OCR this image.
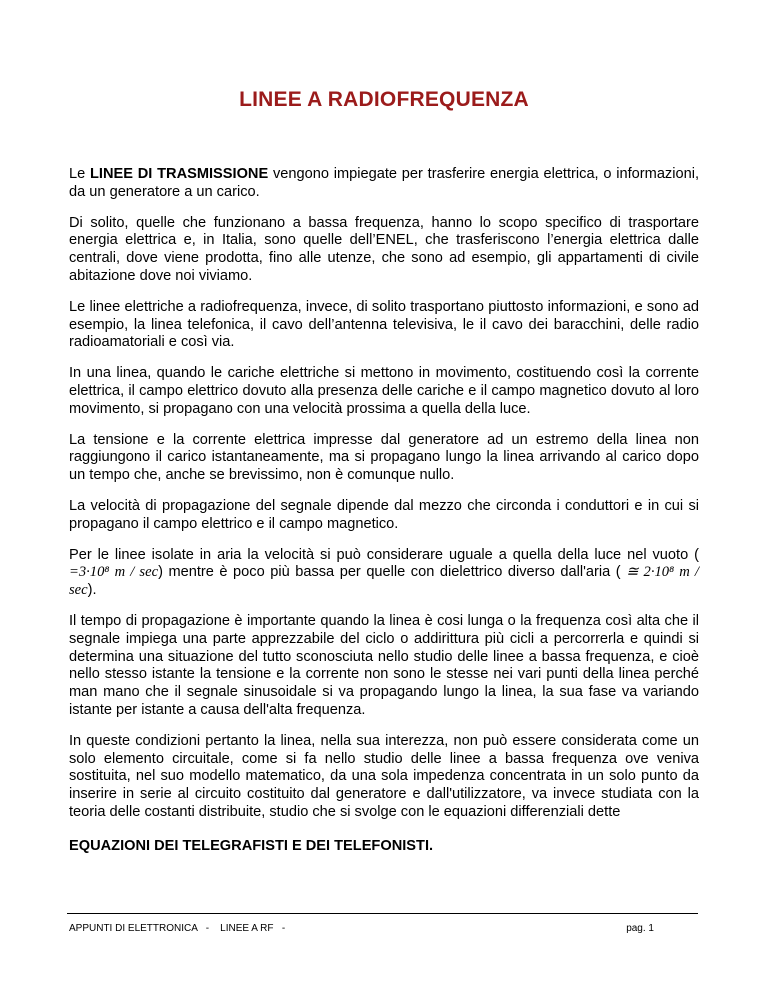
LINEE A RADIOFREQUENZA

Le LINEE DI TRASMISSIONE vengono impiegate per trasferire energia elettrica, o informazioni, da un generatore a un carico.

Di solito, quelle che funzionano a bassa frequenza, hanno lo scopo specifico di trasportare energia elettrica e, in Italia, sono quelle dell’ENEL, che trasferiscono l’energia elettrica dalle centrali, dove viene prodotta, fino alle utenze, che sono ad esempio, gli appartamenti di civile abitazione dove noi viviamo.

Le linee elettriche a radiofrequenza, invece, di solito trasportano piuttosto informazioni, e sono ad esempio, la linea telefonica, il cavo dell’antenna televisiva, le il cavo dei baracchini, delle radio radioamatoriali e così via.

In una linea, quando le cariche elettriche si mettono in movimento, costituendo così la corrente elettrica, il campo elettrico dovuto alla presenza delle cariche e il campo magnetico dovuto al loro movimento, si propagano con una velocità prossima a quella della luce.

La tensione e la corrente elettrica impresse dal generatore ad un estremo della linea non raggiungono il carico istantaneamente, ma si propagano lungo la linea arrivando al carico dopo un tempo che, anche se brevissimo, non è comunque nullo.

La velocità di propagazione del segnale dipende dal mezzo che circonda i conduttori e in cui si propagano il campo elettrico e il campo magnetico.

Per le linee isolate in aria la velocità si può considerare uguale a quella della luce nel vuoto ( =3·10⁸ m / sec) mentre è poco più bassa per quelle con dielettrico diverso dall'aria ( ≅ 2·10⁸ m / sec).

Il tempo di propagazione è importante quando la linea è cosi lunga o la frequenza così alta che il segnale impiega una parte apprezzabile del ciclo o addirittura più cicli a percorrerla e quindi si determina una situazione del tutto sconosciuta nello studio delle linee a bassa frequenza, e cioè nello stesso istante la tensione e la corrente non sono le stesse nei vari punti della linea perché man mano che il segnale sinusoidale si va propagando lungo la linea, la sua fase va variando istante per istante a causa dell'alta frequenza.

In queste condizioni pertanto la linea, nella sua interezza, non può essere considerata come un solo elemento circuitale, come si fa nello studio delle linee a bassa frequenza ove veniva sostituita, nel suo modello matematico, da una sola impedenza concentrata in un solo punto da inserire in serie al circuito costituito dal generatore e dall'utilizzatore, va invece studiata con la teoria delle costanti distribuite, studio che si svolge con le equazioni differenziali dette

EQUAZIONI DEI TELEGRAFISTI E DEI TELEFONISTI.
APPUNTI DI ELETTRONICA   -    LINEE A RF   -	pag. 1
